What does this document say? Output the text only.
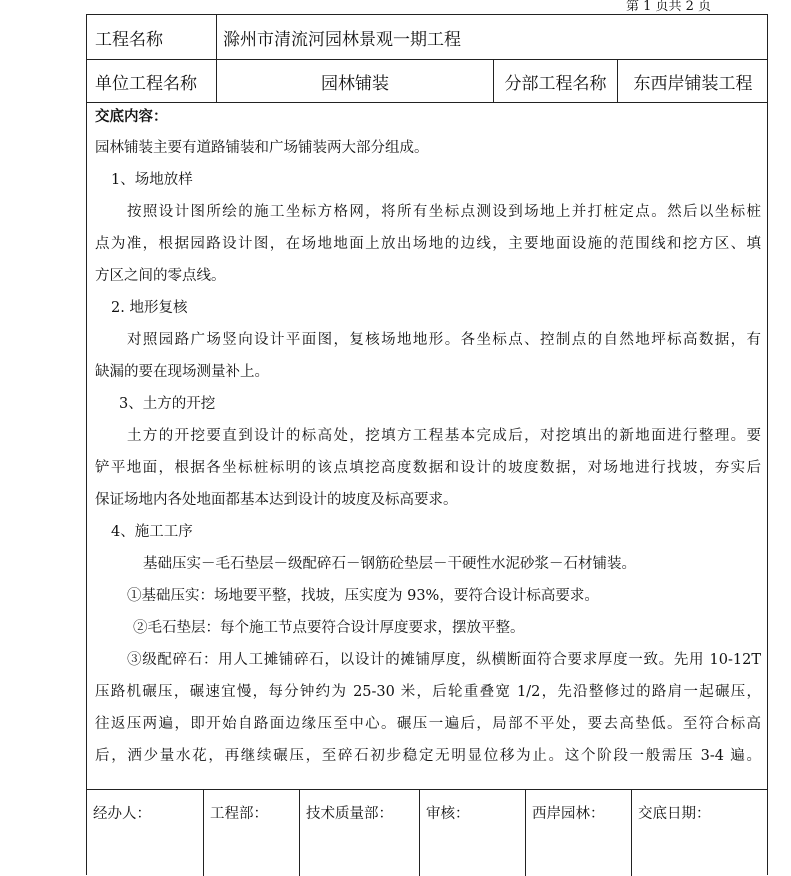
第 1 页共 2 页
工程名称	滁州市清流河园林景观一期工程
单位工程名称	园林铺装	分部工程名称	东西岸铺装工程
交底内容：
园林铺装主要有道路铺装和广场铺装两大部分组成。
1、场地放样
按照设计图所绘的施工坐标方格网，将所有坐标点测设到场地上并打桩定点。然后以坐标桩
点为准，根据园路设计图，在场地地面上放出场地的边线，主要地面设施的范围线和挖方区、填
方区之间的零点线。
2. 地形复核
对照园路广场竖向设计平面图，复核场地地形。各坐标点、控制点的自然地坪标高数据，有
缺漏的要在现场测量补上。
3、土方的开挖
土方的开挖要直到设计的标高处，挖填方工程基本完成后，对挖填出的新地面进行整理。要
铲平地面，根据各坐标桩标明的该点填挖高度数据和设计的坡度数据，对场地进行找坡，夯实后
保证场地内各处地面都基本达到设计的坡度及标高要求。
4、施工工序
基础压实－毛石垫层－级配碎石－钢筋砼垫层－干硬性水泥砂浆－石材铺装。
①基础压实：场地要平整，找坡，压实度为 93%，要符合设计标高要求。
②毛石垫层：每个施工节点要符合设计厚度要求，摆放平整。
③级配碎石：用人工摊铺碎石，以设计的摊铺厚度，纵横断面符合要求厚度一致。先用 10-12T
压路机碾压，碾速宜慢，每分钟约为 25-30 米，后轮重叠宽 1/2，先沿整修过的路肩一起碾压，
往返压两遍，即开始自路面边缘压至中心。碾压一遍后，局部不平处，要去高垫低。至符合标高
后，洒少量水花，再继续碾压，至碎石初步稳定无明显位移为止。这个阶段一般需压 3-4 遍。
经办人：	工程部：	技术质量部：	审核：	西岸园林：	交底日期：
